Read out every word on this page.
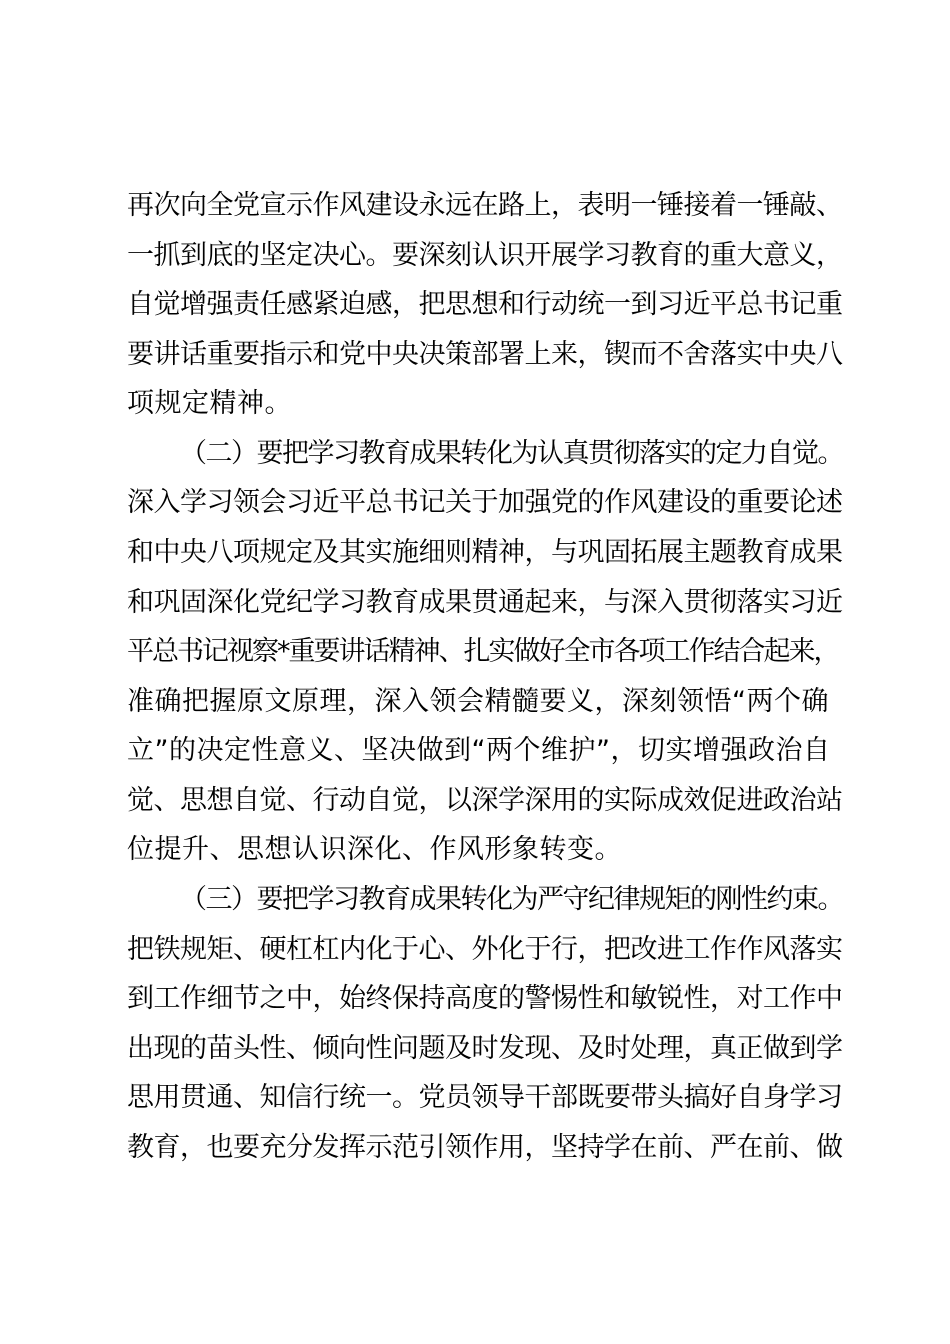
再次向全党宣示作风建设永远在路上，表明一锤接着一锤敲、
一抓到底的坚定决心。要深刻认识开展学习教育的重大意义，
自觉增强责任感紧迫感，把思想和行动统一到习近平总书记重
要讲话重要指示和党中央决策部署上来，锲而不舍落实中央八
项规定精神。
（二）要把学习教育成果转化为认真贯彻落实的定力自觉。
深入学习领会习近平总书记关于加强党的作风建设的重要论述
和中央八项规定及其实施细则精神，与巩固拓展主题教育成果
和巩固深化党纪学习教育成果贯通起来，与深入贯彻落实习近
平总书记视察*重要讲话精神、扎实做好全市各项工作结合起来，
准确把握原文原理，深入领会精髓要义，深刻领悟“两个确
立”的决定性意义、坚决做到“两个维护”，切实增强政治自
觉、思想自觉、行动自觉，以深学深用的实际成效促进政治站
位提升、思想认识深化、作风形象转变。
（三）要把学习教育成果转化为严守纪律规矩的刚性约束。
把铁规矩、硬杠杠内化于心、外化于行，把改进工作作风落实
到工作细节之中，始终保持高度的警惕性和敏锐性，对工作中
出现的苗头性、倾向性问题及时发现、及时处理，真正做到学
思用贯通、知信行统一。党员领导干部既要带头搞好自身学习
教育，也要充分发挥示范引领作用，坚持学在前、严在前、做
